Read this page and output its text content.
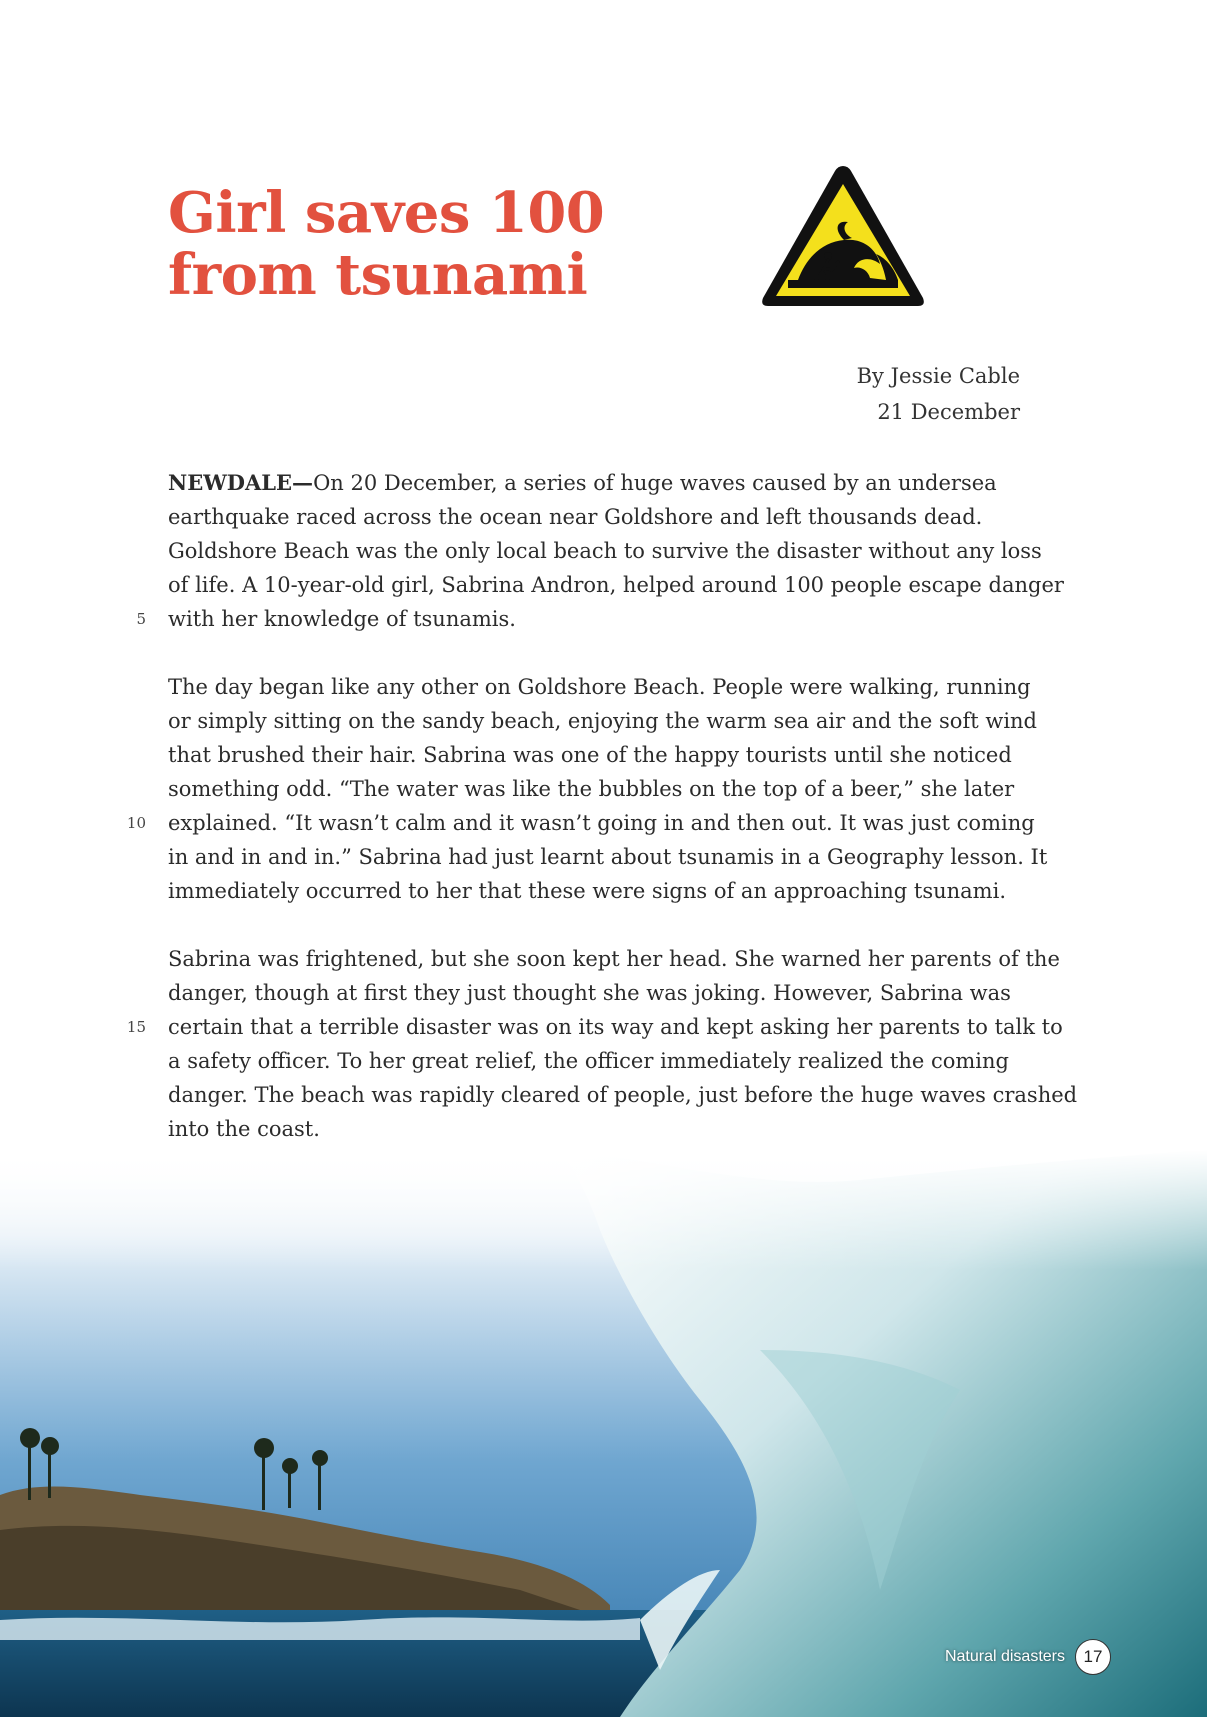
Girl saves 100 from tsunami
By Jessie Cable
21 December

NEWDALE—On 20 December, a series of huge waves caused by an undersea
earthquake raced across the ocean near Goldshore and left thousands dead.
Goldshore Beach was the only local beach to survive the disaster without any loss
of life. A 10-year-old girl, Sabrina Andron, helped around 100 people escape danger
5 with her knowledge of tsunamis.

The day began like any other on Goldshore Beach. People were walking, running
or simply sitting on the sandy beach, enjoying the warm sea air and the soft wind
that brushed their hair. Sabrina was one of the happy tourists until she noticed
something odd. “The water was like the bubbles on the top of a beer,” she later
10 explained. “It wasn’t calm and it wasn’t going in and then out. It was just coming
in and in and in.” Sabrina had just learnt about tsunamis in a Geography lesson. It
immediately occurred to her that these were signs of an approaching tsunami.

Sabrina was frightened, but she soon kept her head. She warned her parents of the
danger, though at first they just thought she was joking. However, Sabrina was
15 certain that a terrible disaster was on its way and kept asking her parents to talk to
a safety officer. To her great relief, the officer immediately realized the coming
danger. The beach was rapidly cleared of people, just before the huge waves crashed
into the coast.

Natural disasters	17
